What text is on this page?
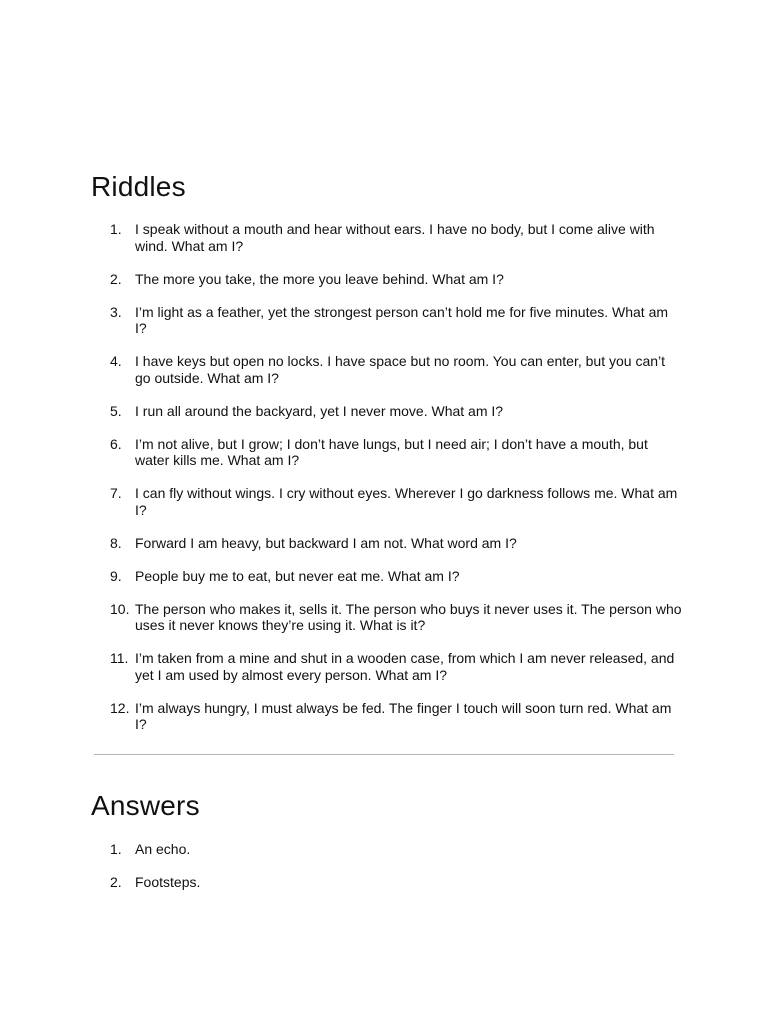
Riddles
1. I speak without a mouth and hear without ears. I have no body, but I come alive with wind. What am I?
2. The more you take, the more you leave behind. What am I?
3. I’m light as a feather, yet the strongest person can’t hold me for five minutes. What am I?
4. I have keys but open no locks. I have space but no room. You can enter, but you can’t go outside. What am I?
5. I run all around the backyard, yet I never move. What am I?
6. I’m not alive, but I grow; I don’t have lungs, but I need air; I don’t have a mouth, but water kills me. What am I?
7. I can fly without wings. I cry without eyes. Wherever I go darkness follows me. What am I?
8. Forward I am heavy, but backward I am not. What word am I?
9. People buy me to eat, but never eat me. What am I?
10. The person who makes it, sells it. The person who buys it never uses it. The person who uses it never knows they’re using it. What is it?
11. I’m taken from a mine and shut in a wooden case, from which I am never released, and yet I am used by almost every person. What am I?
12. I’m always hungry, I must always be fed. The finger I touch will soon turn red. What am I?
Answers
1. An echo.
2. Footsteps.
